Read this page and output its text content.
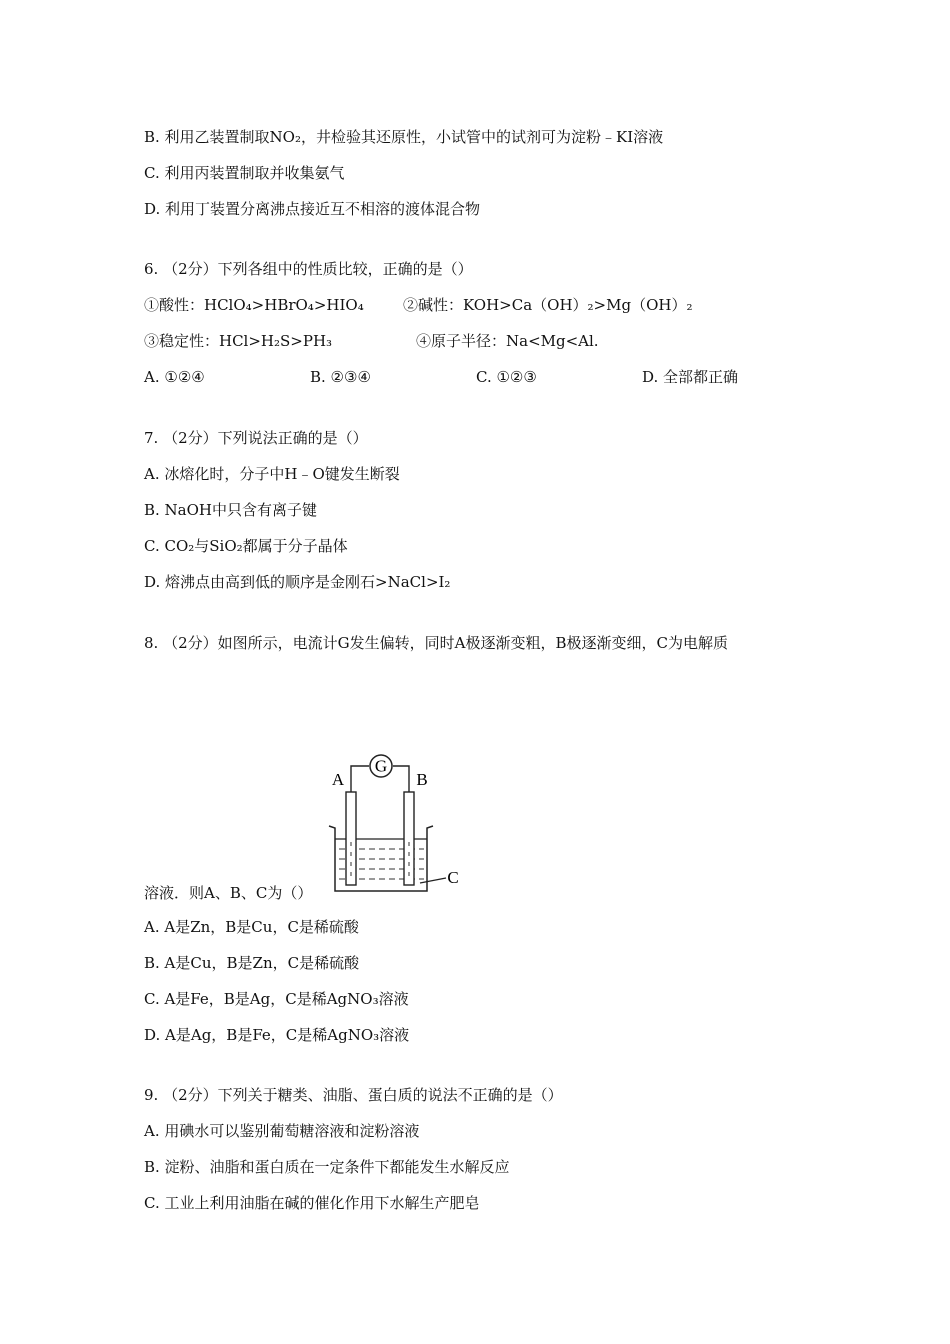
B. 利用乙装置制取NO₂，井检验其还原性，小试管中的试剂可为淀粉﹣KI溶液
C. 利用丙装置制取并收集氨气
D. 利用丁装置分离沸点接近互不相溶的渡体混合物
6. （2分）下列各组中的性质比较，正确的是（）
①酸性：HClO₄>HBrO₄>HIO₄	②碱性：KOH>Ca（OH）₂>Mg（OH）₂
③稳定性：HCl>H₂S>PH₃	④原子半径：Na<Mg<Al.
A. ①②④	B. ②③④	C. ①②③	D. 全部都正确
7. （2分）下列说法正确的是（）
A. 冰熔化时，分子中H﹣O键发生断裂
B. NaOH中只含有离子键
C. CO₂与SiO₂都属于分子晶体
D. 熔沸点由高到低的顺序是金刚石>NaCl>I₂
8. （2分）如图所示，电流计G发生偏转，同时A极逐渐变粗，B极逐渐变细，C为电解质
G
A	B
C
溶液．则A、B、C为（）
A. A是Zn，B是Cu，C是稀硫酸
B. A是Cu，B是Zn，C是稀硫酸
C. A是Fe，B是Ag，C是稀AgNO₃溶液
D. A是Ag，B是Fe，C是稀AgNO₃溶液
9. （2分）下列关于糖类、油脂、蛋白质的说法不正确的是（）
A. 用碘水可以鉴别葡萄糖溶液和淀粉溶液
B. 淀粉、油脂和蛋白质在一定条件下都能发生水解反应
C. 工业上利用油脂在碱的催化作用下水解生产肥皂
